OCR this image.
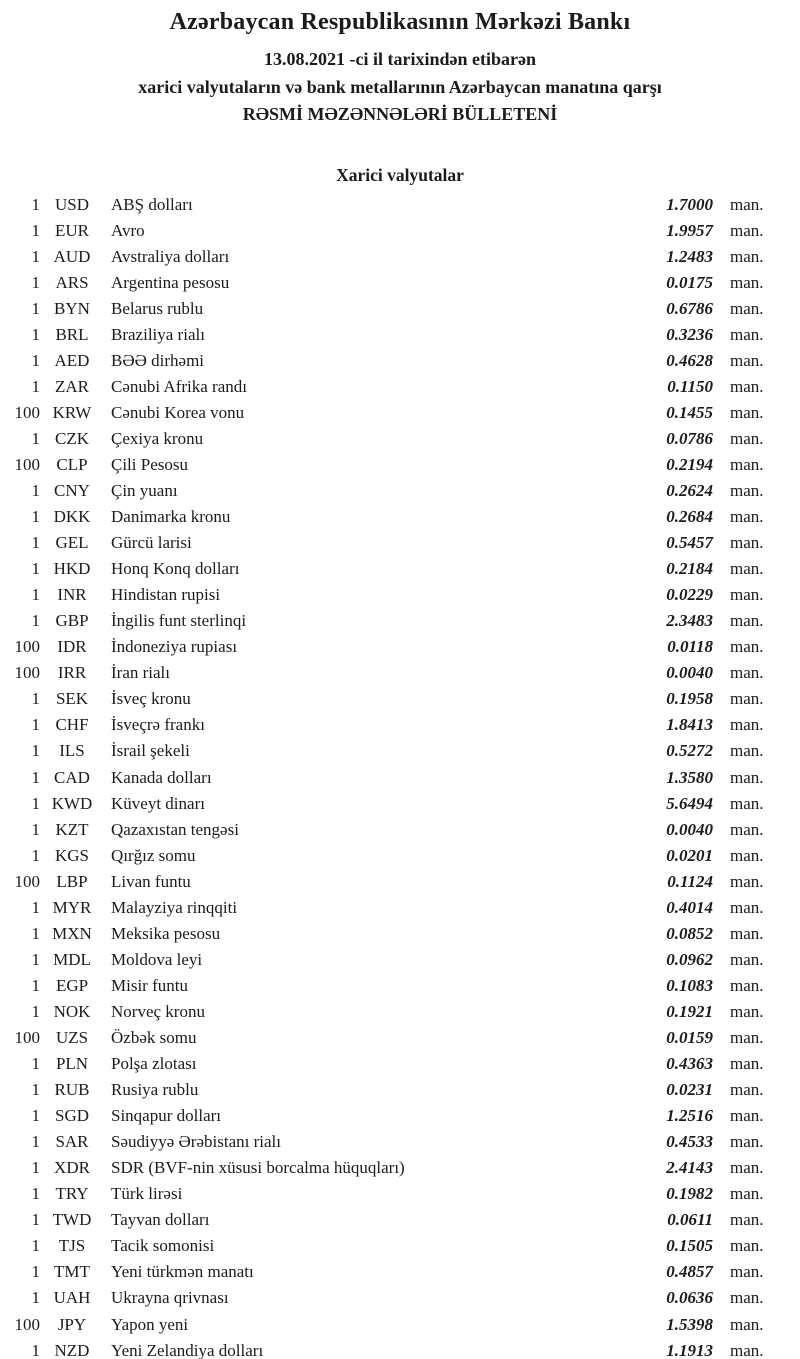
Azərbaycan Respublikasının Mərkəzi Bankı
13.08.2021 -ci il tarixindən etibarən
xarici valyutaların və bank metallarının Azərbaycan manatına qarşı
RƏSMİ MƏZƏNNƏLƏRİ BÜLLETENİ
Xarici valyutalar
1 USD	ABŞ dolları	1.7000	man.
1 EUR	Avro	1.9957	man.
1 AUD	Avstraliya dolları	1.2483	man.
1 ARS	Argentina pesosu	0.0175	man.
1 BYN	Belarus rublu	0.6786	man.
1 BRL	Braziliya rialı	0.3236	man.
1 AED	BƏƏ dirhəmi	0.4628	man.
1 ZAR	Cənubi Afrika randı	0.1150	man.
100 KRW	Cənubi Korea vonu	0.1455	man.
1 CZK	Çexiya kronu	0.0786	man.
100 CLP	Çili Pesosu	0.2194	man.
1 CNY	Çin yuanı	0.2624	man.
1 DKK	Danimarka kronu	0.2684	man.
1 GEL	Gürcü larisi	0.5457	man.
1 HKD	Honq Konq dolları	0.2184	man.
1	INR	Hindistan rupisi	0.0229	man.
1 GBP	İngilis funt sterlinqi	2.3483	man.
100	IDR	İndoneziya rupiası	0.0118	man.
100	IRR	İran rialı	0.0040	man.
1 SEK	İsveç kronu	0.1958	man.
1 CHF	İsveçrə frankı	1.8413	man.
1	ILS	İsrail şekeli	0.5272	man.
1 CAD	Kanada dolları	1.3580	man.
1 KWD	Küveyt dinarı	5.6494	man.
1 KZT	Qazaxıstan tengəsi	0.0040	man.
1 KGS	Qırğız somu	0.0201	man.
100 LBP	Livan funtu	0.1124	man.
1 MYR	Malayziya rinqqiti	0.4014	man.
1 MXN	Meksika pesosu	0.0852	man.
1 MDL	Moldova leyi	0.0962	man.
1 EGP	Misir funtu	0.1083	man.
1 NOK	Norveç kronu	0.1921	man.
100 UZS	Özbək somu	0.0159	man.
1 PLN	Polşa zlotası	0.4363	man.
1 RUB	Rusiya rublu	0.0231	man.
1 SGD	Sinqapur dolları	1.2516	man.
1 SAR	Səudiyyə Ərəbistanı rialı	0.4533	man.
1 XDR	SDR (BVF-nin xüsusi borcalma hüquqları)	2.4143	man.
1 TRY	Türk lirəsi	0.1982	man.
1 TWD	Tayvan dolları	0.0611	man.
1	TJS	Tacik somonisi	0.1505	man.
1 TMT	Yeni türkmən manatı	0.4857	man.
1 UAH	Ukrayna qrivnası	0.0636	man.
100	JPY	Yapon yeni	1.5398	man.
1 NZD	Yeni Zelandiya dolları	1.1913	man.
